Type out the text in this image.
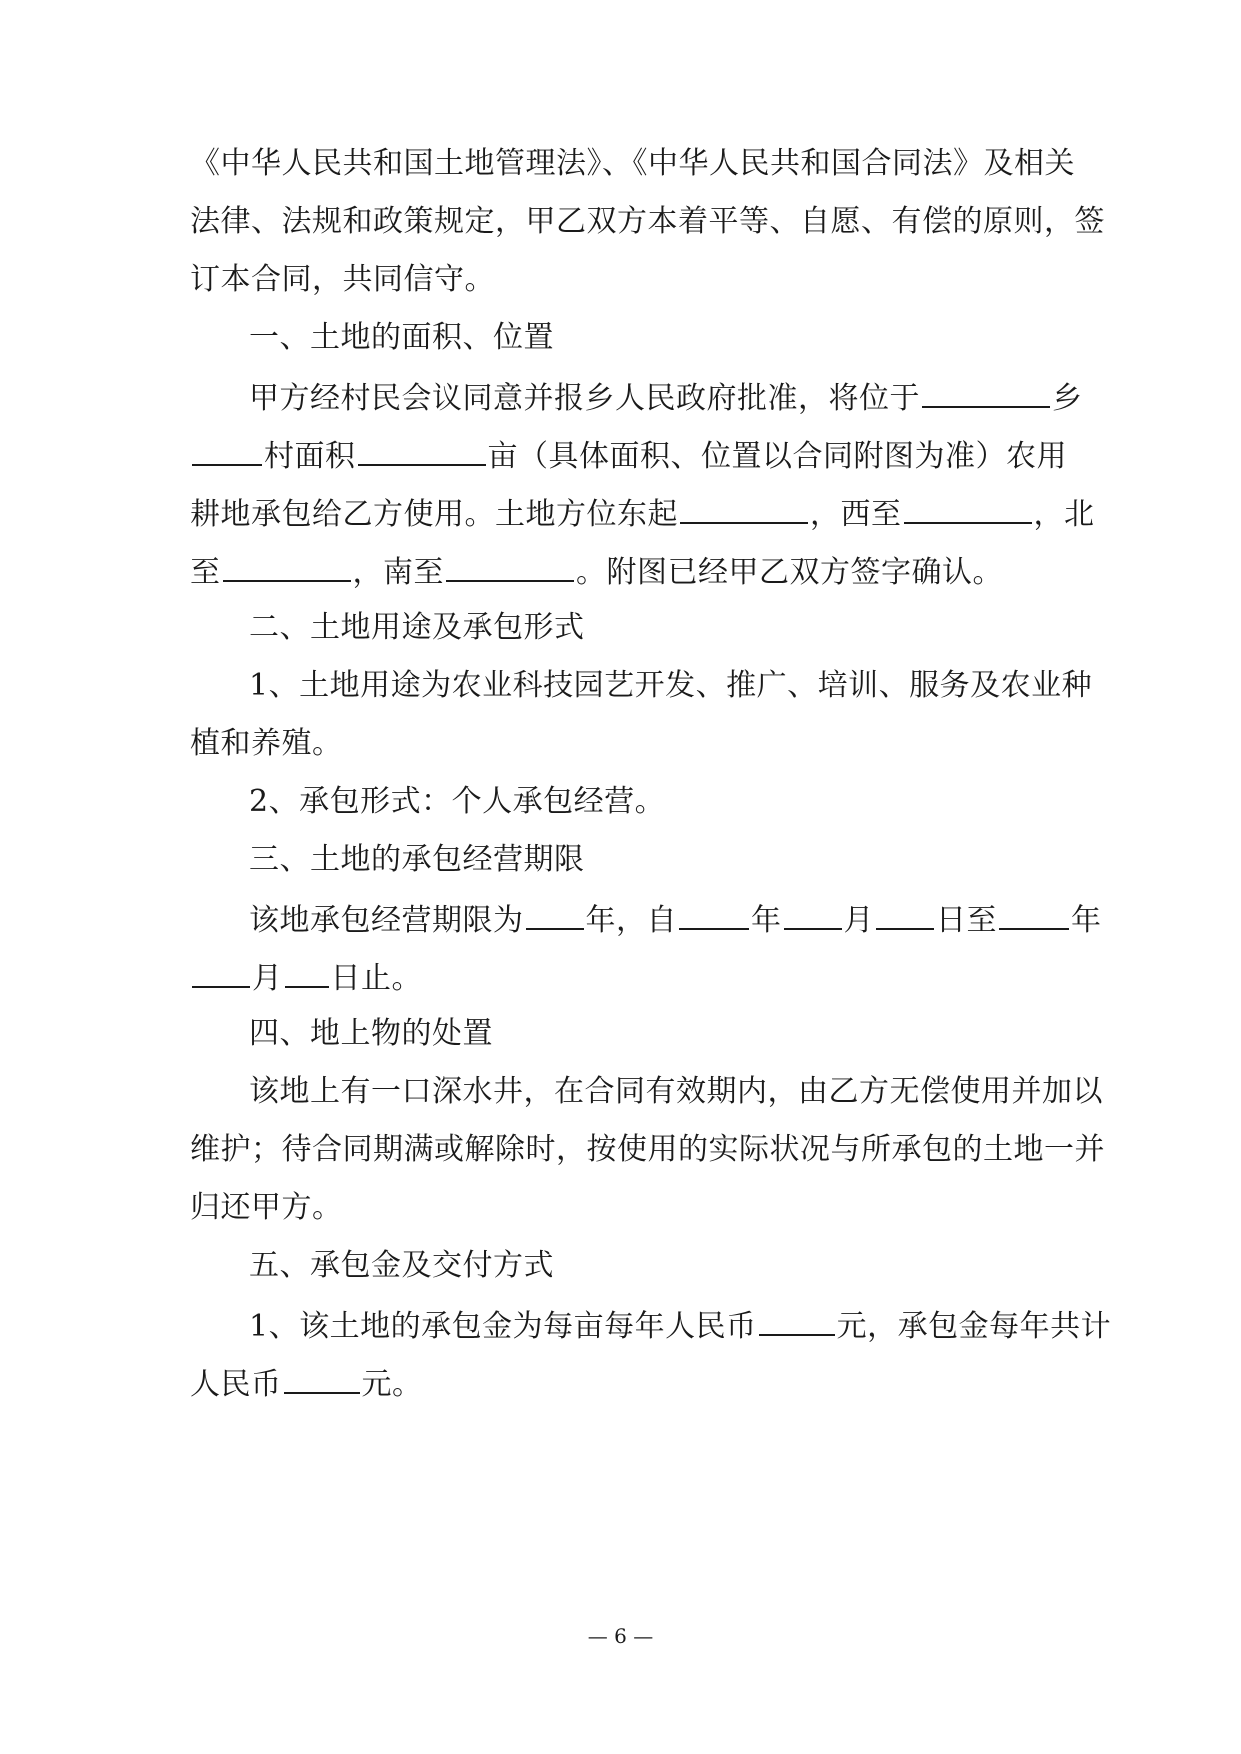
《中华人民共和国土地管理法》、《中华人民共和国合同法》及相关
法律、法规和政策规定，甲乙双方本着平等、自愿、有偿的原则，签
订本合同，共同信守。
一、土地的面积、位置
甲方经村民会议同意并报乡人民政府批准，将位于	乡
村面积	亩（具体面积、位置以合同附图为准）农用
耕地承包给乙方使用。土地方位东起	，西至	，北
至	，南至	。附图已经甲乙双方签字确认。
二、土地用途及承包形式
1、土地用途为农业科技园艺开发、推广、培训、服务及农业种
植和养殖。
2、承包形式：个人承包经营。
三、土地的承包经营期限
该地承包经营期限为 年，自 年 月 日至 年
月 日止。
四、地上物的处置
该地上有一口深水井，在合同有效期内，由乙方无偿使用并加以
维护；待合同期满或解除时，按使用的实际状况与所承包的土地一并
归还甲方。
五、承包金及交付方式
1、该土地的承包金为每亩每年人民币	元，承包金每年共计
人民币	元。
— 6 —
